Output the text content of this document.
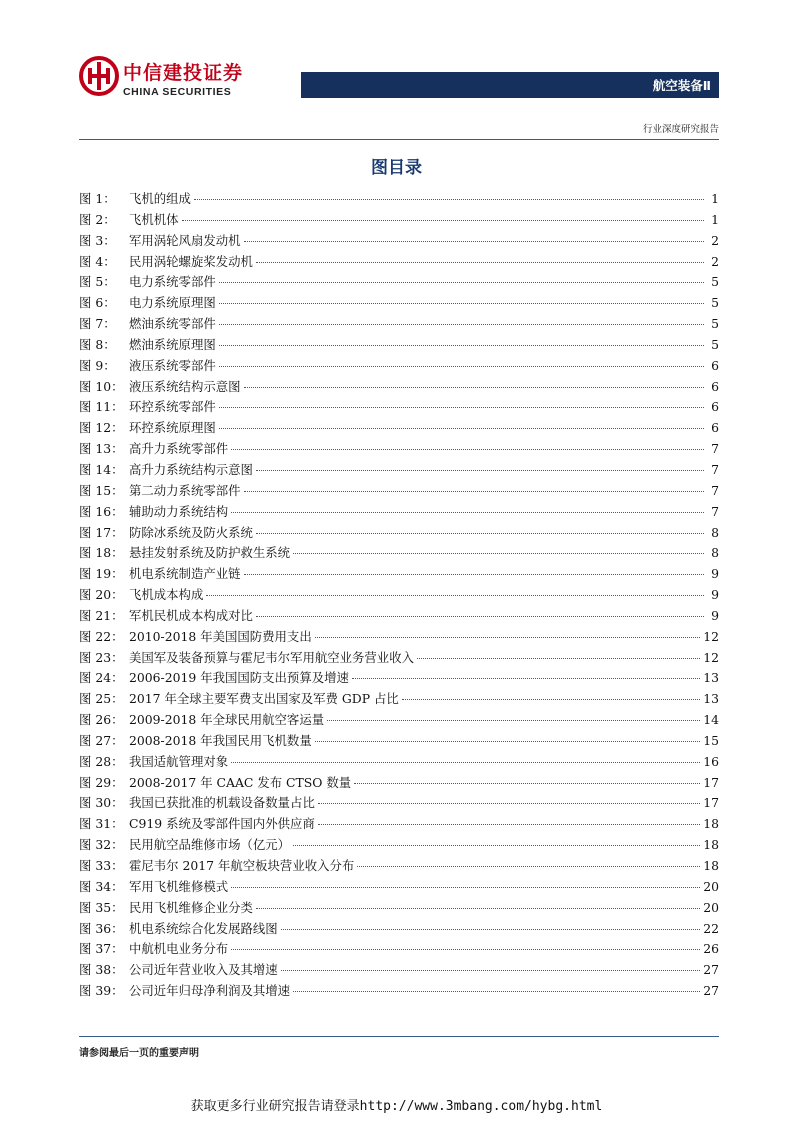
中信建投证券
CHINA SECURITIES	航空装备Ⅱ
行业深度研究报告
图目录
图 1：	飞机的组成	1
图 2：	飞机机体	1
图 3：	军用涡轮风扇发动机	2
图 4：	民用涡轮螺旋桨发动机	2
图 5：	电力系统零部件	5
图 6：	电力系统原理图	5
图 7：	燃油系统零部件	5
图 8：	燃油系统原理图	5
图 9：	液压系统零部件	6
图 10： 液压系统结构示意图	6
图 11： 环控系统零部件	6
图 12： 环控系统原理图	6
图 13： 高升力系统零部件	7
图 14： 高升力系统结构示意图	7
图 15： 第二动力系统零部件	7
图 16： 辅助动力系统结构	7
图 17： 防除冰系统及防火系统	8
图 18： 悬挂发射系统及防护救生系统	8
图 19： 机电系统制造产业链	9
图 20： 飞机成本构成	9
图 21： 军机民机成本构成对比	9
图 22： 2010-2018 年美国国防费用支出	12
图 23： 美国军及装备预算与霍尼韦尔军用航空业务营业收入	12
图 24： 2006-2019 年我国国防支出预算及增速	13
图 25： 2017 年全球主要军费支出国家及军费 GDP 占比	13
图 26： 2009-2018 年全球民用航空客运量	14
图 27： 2008-2018 年我国民用飞机数量	15
图 28： 我国适航管理对象	16
图 29： 2008-2017 年 CAAC 发布 CTSO 数量	17
图 30： 我国已获批准的机载设备数量占比	17
图 31： C919 系统及零部件国内外供应商	18
图 32： 民用航空品维修市场（亿元）	18
图 33： 霍尼韦尔 2017 年航空板块营业收入分布	18
图 34： 军用飞机维修模式	20
图 35： 民用飞机维修企业分类	20
图 36： 机电系统综合化发展路线图	22
图 37： 中航机电业务分布	26
图 38： 公司近年营业收入及其增速	27
图 39： 公司近年归母净利润及其增速	27
请参阅最后一页的重要声明
获取更多行业研究报告请登录http://www.3mbang.com/hybg.html
